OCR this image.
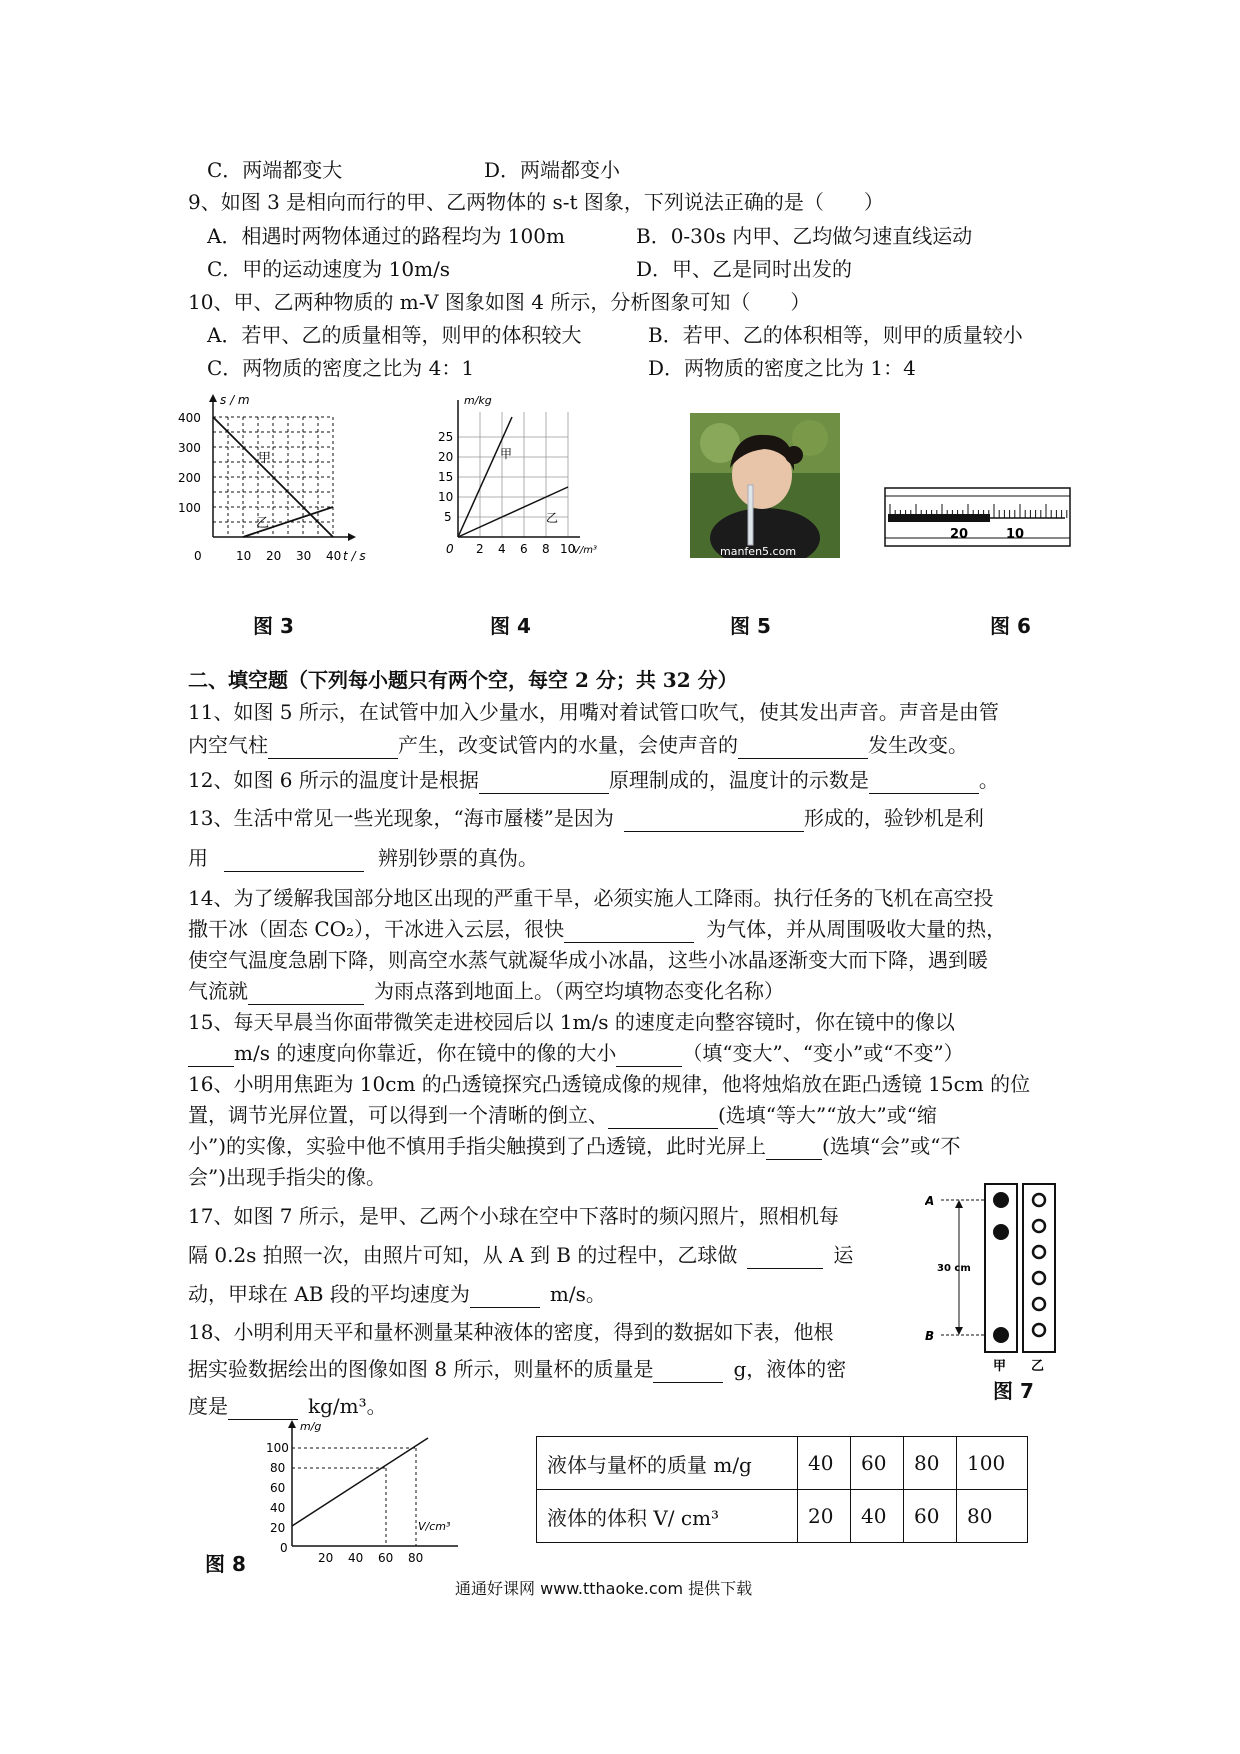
C．两端都变大	D．两端都变小
9、如图 3 是相向而行的甲、乙两物体的 s-t 图象，下列说法正确的是（　　）
A．相遇时两物体通过的路程均为 100m	B．0-30s 内甲、乙均做匀速直线运动
C．甲的运动速度为 10m/s	D．甲、乙是同时出发的
10、甲、乙两种物质的 m-V 图象如图 4 所示，分析图象可知（　　）
A．若甲、乙的质量相等，则甲的体积较大	B．若甲、乙的体积相等，则甲的质量较小
C．两物质的密度之比为 4：1	D．两物质的密度之比为 1：4
s / m
400
300
200
100
0	10 20 30 40 t / s
甲
乙
图 3
m/kg
25
20
15
10
5
0 2 4 6 8 10
V/m³
甲
乙
图 4
manfen5.com
图 5
20	10
图 6
二、填空题（下列每小题只有两个空，每空 2 分；共 32 分）
11、如图 5 所示，在试管中加入少量水，用嘴对着试管口吹气，使其发出声音。声音是由管
内空气柱	产生，改变试管内的水量，会使声音的	发生改变。
12、如图 6 所示的温度计是根据	原理制成的，温度计的示数是	。
13、生活中常见一些光现象，“海市蜃楼”是因为	形成的，验钞机是利
用	辨别钞票的真伪。
14、为了缓解我国部分地区出现的严重干旱，必须实施人工降雨。执行任务的飞机在高空投
撒干冰（固态 CO₂），干冰进入云层，很快	为气体，并从周围吸收大量的热，
使空气温度急剧下降，则高空水蒸气就凝华成小冰晶，这些小冰晶逐渐变大而下降，遇到暖
气流就	为雨点落到地面上。（两空均填物态变化名称）
15、每天早晨当你面带微笑走进校园后以 1m/s 的速度走向整容镜时，你在镜中的像以
m/s 的速度向你靠近，你在镜中的像的大小	（填“变大”、“变小”或“不变”）
16、小明用焦距为 10cm 的凸透镜探究凸透镜成像的规律，他将烛焰放在距凸透镜 15cm 的位
置，调节光屏位置，可以得到一个清晰的倒立、	(选填“等大”“放大”或“缩
小”)的实像，实验中他不慎用手指尖触摸到了凸透镜，此时光屏上	(选填“会”或“不
会”)出现手指尖的像。
17、如图 7 所示，是甲、乙两个小球在空中下落时的频闪照片，照相机每
隔 0.2s 拍照一次，由照片可知，从 A 到 B 的过程中，乙球做	运
动，甲球在 AB 段的平均速度为	m/s。
A
B
30 cm
甲 乙
图 7
18、小明利用天平和量杯测量某种液体的密度，得到的数据如下表，他根
据实验数据绘出的图像如图 8 所示，则量杯的质量是	g，液体的密
度是	kg/m³。
m/g
100
80
60
40
20
0
20 40 60 80
V/cm³
图 8
液体与量杯的质量 m/g	40	60	80	100
液体的体积 V/ cm³	20	40	60	80
通通好课网 www.tthaoke.com 提供下载
